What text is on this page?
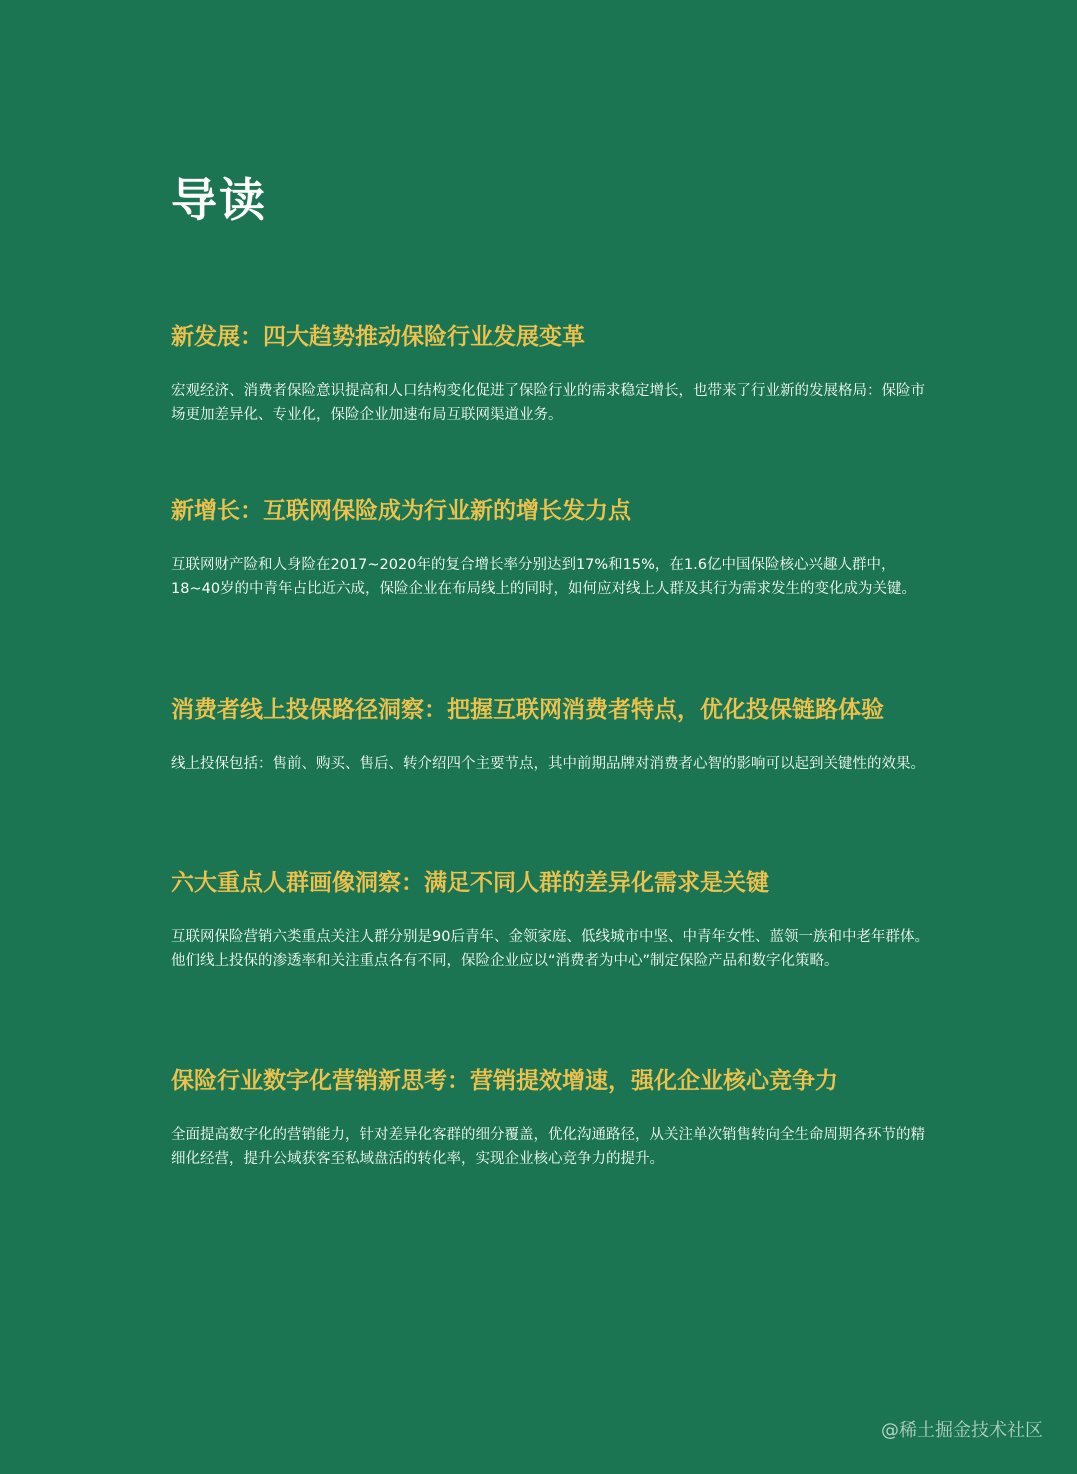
导读
新发展：四大趋势推动保险行业发展变革

宏观经济、消费者保险意识提高和人口结构变化促进了保险行业的需求稳定增长，也带来了行业新的发展格局：保险市场更加差异化、专业化，保险企业加速布局互联网渠道业务。

新增长：互联网保险成为行业新的增长发力点

互联网财产险和人身险在2017~2020年的复合增长率分别达到17%和15%，在1.6亿中国保险核心兴趣人群中，18~40岁的中青年占比近六成，保险企业在布局线上的同时，如何应对线上人群及其行为需求发生的变化成为关键。

消费者线上投保路径洞察：把握互联网消费者特点，优化投保链路体验

线上投保包括：售前、购买、售后、转介绍四个主要节点，其中前期品牌对消费者心智的影响可以起到关键性的效果。

六大重点人群画像洞察：满足不同人群的差异化需求是关键

互联网保险营销六类重点关注人群分别是90后青年、金领家庭、低线城市中坚、中青年女性、蓝领一族和中老年群体。他们线上投保的渗透率和关注重点各有不同，保险企业应以“消费者为中心”制定保险产品和数字化策略。

保险行业数字化营销新思考：营销提效增速，强化企业核心竞争力

全面提高数字化的营销能力，针对差异化客群的细分覆盖，优化沟通路径，从关注单次销售转向全生命周期各环节的精细化经营，提升公域获客至私域盘活的转化率，实现企业核心竞争力的提升。

@稀土掘金技术社区
